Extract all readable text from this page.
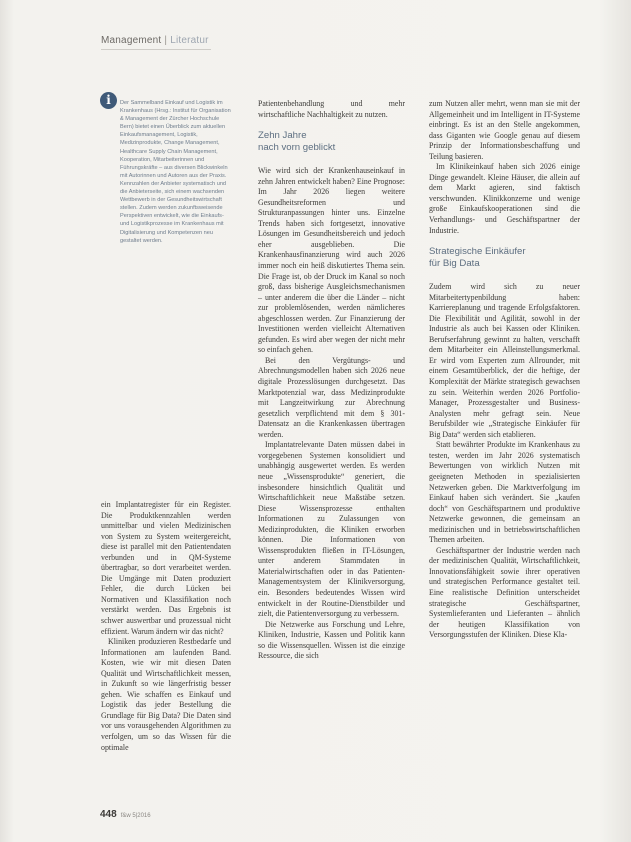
Management | Literatur
i	Der Sammelband Einkauf und Logistik im Krankenhaus (Hrsg.: Institut für Organisation & Management der Zürcher Hochschule Bern) bietet einen Überblick zum aktuellen Einkaufsmanagement, Logistik, Medizinprodukte, Change Management, Healthcare Supply Chain Management, Kooperation, Mitarbeiterinnen und Führungskräfte – aus diversen Blickwinkeln mit Autorinnen und Autoren aus der Praxis. Kennzahlen der Anbieter systematisch und die Anbieterseite, sich einem wachsenden Wettbewerb in der Gesundheitswirtschaft stellen. Zudem werden zukunftsweisende Perspektiven entwickelt, wie die Einkaufs- und Logistikprozesse im Krankenhaus mit Digitalisierung und Kompetenzen neu gestaltet werden.

ein Implantatregister für ein Register. Die Produktkennzahlen werden unmittelbar und vielen Medizinischen von System zu System weitergereicht, diese ist parallel mit den Patientendaten verbunden und in QM-Systeme übertragbar, so dort verarbeitet werden. Die Umgänge mit Daten produziert Fehler, die durch Lücken bei Normativen und Klassifikation noch verstärkt werden. Das Ergebnis ist schwer auswertbar und prozessual nicht effizient. Warum ändern wir das nicht?

Kliniken produzieren Restbedarfe und Informationen am laufenden Band. Kosten, wie wir mit diesen Daten Qualität und Wirtschaftlichkeit messen, in Zukunft so wie längerfristig besser gehen. Wie schaffen es Einkauf und Logistik das jeder Bestellung die Grundlage für Big Data? Die Daten sind vor uns vorausgehenden Algorithmen zu verfolgen, um so das Wissen für die optimale

Patientenbehandlung und mehr wirtschaftliche Nachhaltigkeit zu nutzen.

Zehn Jahre
nach vorn geblickt

Wie wird sich der Krankenhauseinkauf in zehn Jahren entwickelt haben? Eine Prognose: Im Jahr 2026 liegen weitere Gesundheitsreformen und Strukturanpassungen hinter uns. Einzelne Trends haben sich fortgesetzt, innovative Lösungen im Gesundheitsbereich und jedoch eher ausgeblieben. Die Krankenhausfinanzierung wird auch 2026 immer noch ein heiß diskutiertes Thema sein. Die Frage ist, ob der Druck im Kanal so noch groß, dass bisherige Ausgleichsmechanismen – unter anderem die über die Länder – nicht zur problemlösenden, werden nämlicheres abgeschlossen werden. Zur Finanzierung der Investitionen werden vielleicht Alternativen gefunden. Es wird aber wegen der nicht mehr so einfach gehen.

Bei den Vergütungs- und Abrechnungsmodellen haben sich 2026 neue digitale Prozesslösungen durchgesetzt. Das Marktpotenzial war, dass Medizinprodukte mit Langzeitwirkung zur Abrechnung gesetzlich verpflichtend mit dem § 301-Datensatz an die Krankenkassen übertragen werden.

Implantatrelevante Daten müssen dabei in vorgegebenen Systemen konsolidiert und unabhängig ausgewertet werden. Es werden neue „Wissensprodukte“ generiert, die insbesondere hinsichtlich Qualität und Wirtschaftlichkeit neue Maßstäbe setzen. Diese Wissensprozesse enthalten Informationen zu Zulassungen von Medizinprodukten, die Kliniken erworben können. Die Informationen von Wissensprodukten fließen in IT-Lösungen, unter anderem Stammdaten in Materialwirtschaften oder in das Patienten-Managementsystem der Klinikversorgung, ein. Besonders bedeutendes Wissen wird entwickelt in der Routine-Dienstbilder und zielt, die Patientenversorgung zu verbessern.

Die Netzwerke aus Forschung und Lehre, Kliniken, Industrie, Kassen und Politik kann so die Wissensquellen. Wissen ist die einzige Ressource, die sich

zum Nutzen aller mehrt, wenn man sie mit der Allgemeinheit und im Intelligent in IT-Systeme einbringt. Es ist an den Stelle angekommen, dass Giganten wie Google genau auf diesem Prinzip der Informationsbeschaffung und Teilung basieren.

Im Klinikeinkauf haben sich 2026 einige Dinge gewandelt. Kleine Häuser, die allein auf dem Markt agieren, sind faktisch verschwunden. Klinikkonzerne und wenige große Einkaufskooperationen sind die Verhandlungs- und Geschäftspartner der Industrie.

Strategische Einkäufer
für Big Data

Zudem wird sich zu neuer Mitarbeitertypenbildung haben: Karriereplanung und tragende Erfolgsfaktoren. Die Flexibilität und Agilität, sowohl in der Industrie als auch bei Kassen oder Kliniken. Berufserfahrung gewinnt zu halten, verschafft dem Mitarbeiter ein Alleinstellungsmerkmal. Er wird vom Experten zum Allrounder, mit einem Gesamtüberblick, der die heftige, der Komplexität der Märkte strategisch gewachsen zu sein. Weiterhin werden 2026 Portfolio-Manager, Prozessgestalter und Business-Analysten mehr gefragt sein. Neue Berufsbilder wie „Strategische Einkäufer für Big Data“ werden sich etablieren.

Statt bewährter Produkte im Krankenhaus zu testen, werden im Jahr 2026 systematisch Bewertungen von wirklich Nutzen mit geeigneten Methoden in spezialisierten Netzwerken geben. Die Marktverfolgung im Einkauf haben sich verändert. Sie „kaufen doch“ von Geschäftspartnern und produktive Netzwerke gewonnen, die gemeinsam an medizinischen und in betriebswirtschaftlichen Themen arbeiten.

Geschäftspartner der Industrie werden nach der medizinischen Qualität, Wirtschaftlichkeit, Innovationsfähigkeit sowie ihrer operativen und strategischen Performance gestaltet teil. Eine realistische Definition unterscheidet strategische Geschäftspartner, Systemlieferanten und Lieferanten – ähnlich der heutigen Klassifikation von Versorgungsstufen der Kliniken. Diese Kla-

448 f&w 5|2016
